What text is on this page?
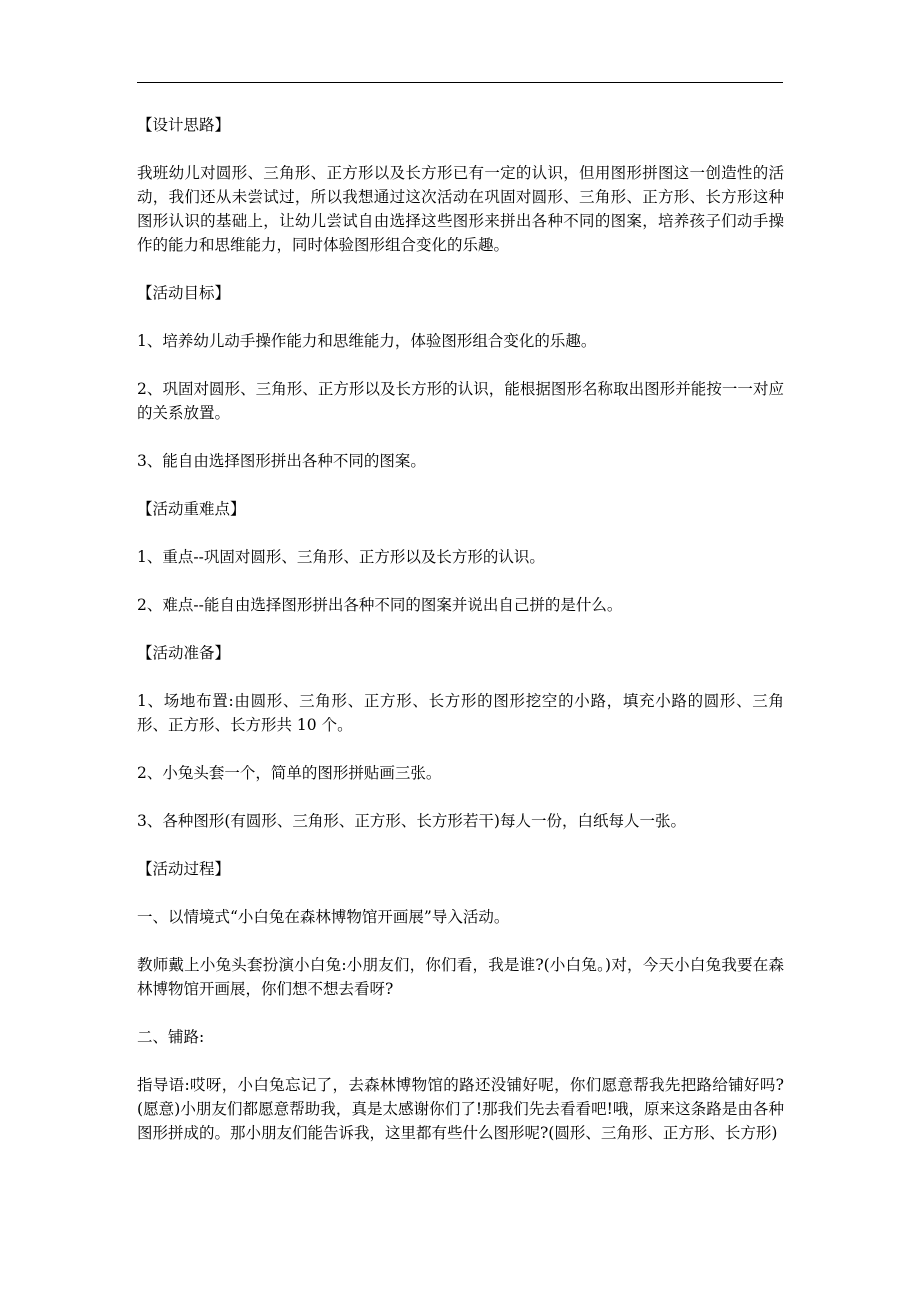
【设计思路】

我班幼儿对圆形、三角形、正方形以及长方形已有一定的认识，但用图形拼图这一创造性的活动，我们还从未尝试过，所以我想通过这次活动在巩固对圆形、三角形、正方形、长方形这种图形认识的基础上，让幼儿尝试自由选择这些图形来拼出各种不同的图案，培养孩子们动手操作的能力和思维能力，同时体验图形组合变化的乐趣。

【活动目标】

1、培养幼儿动手操作能力和思维能力，体验图形组合变化的乐趣。

2、巩固对圆形、三角形、正方形以及长方形的认识，能根据图形名称取出图形并能按一一对应的关系放置。

3、能自由选择图形拼出各种不同的图案。

【活动重难点】

1、重点--巩固对圆形、三角形、正方形以及长方形的认识。

2、难点--能自由选择图形拼出各种不同的图案并说出自己拼的是什么。

【活动准备】

1、场地布置:由圆形、三角形、正方形、长方形的图形挖空的小路，填充小路的圆形、三角形、正方形、长方形共 10 个。

2、小兔头套一个，简单的图形拼贴画三张。

3、各种图形(有圆形、三角形、正方形、长方形若干)每人一份，白纸每人一张。

【活动过程】

一、以情境式“小白兔在森林博物馆开画展”导入活动。

教师戴上小兔头套扮演小白兔:小朋友们，你们看，我是谁?(小白兔。)对，今天小白兔我要在森林博物馆开画展，你们想不想去看呀?

二、铺路:

指导语:哎呀，小白兔忘记了，去森林博物馆的路还没铺好呢，你们愿意帮我先把路给铺好吗?(愿意)小朋友们都愿意帮助我，真是太感谢你们了!那我们先去看看吧!哦，原来这条路是由各种图形拼成的。那小朋友们能告诉我，这里都有些什么图形呢?(圆形、三角形、正方形、长方形)
